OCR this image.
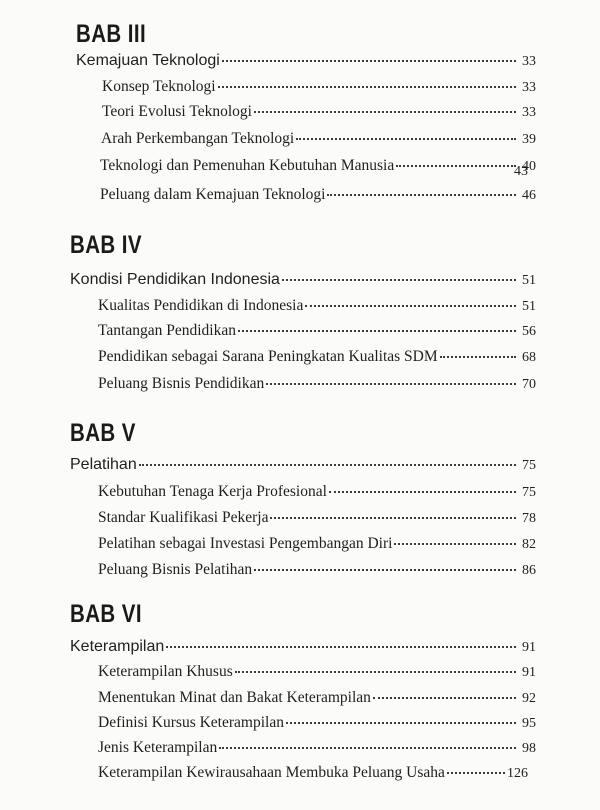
BAB III
Kemajuan Teknologi	33
Konsep Teknologi	33
Teori Evolusi Teknologi	33
Arah Perkembangan Teknologi	39
Teknologi dan Pemenuhan Kebutuhan Manusia	40
Peluang dalam Kemajuan Teknologi	46
43
BAB IV
Kondisi Pendidikan Indonesia	51
Kualitas Pendidikan di Indonesia	51
Tantangan Pendidikan	56
Pendidikan sebagai Sarana Peningkatan Kualitas SDM	68
Peluang Bisnis Pendidikan	70
BAB V
Pelatihan	75
Kebutuhan Tenaga Kerja Profesional	75
Standar Kualifikasi Pekerja	78
Pelatihan sebagai Investasi Pengembangan Diri	82
Peluang Bisnis Pelatihan	86
BAB VI
Keterampilan	91
Keterampilan Khusus	91
Menentukan Minat dan Bakat Keterampilan	92
Definisi Kursus Keterampilan	95
Jenis Keterampilan	98
Keterampilan Kewirausahaan Membuka Peluang Usaha	126
